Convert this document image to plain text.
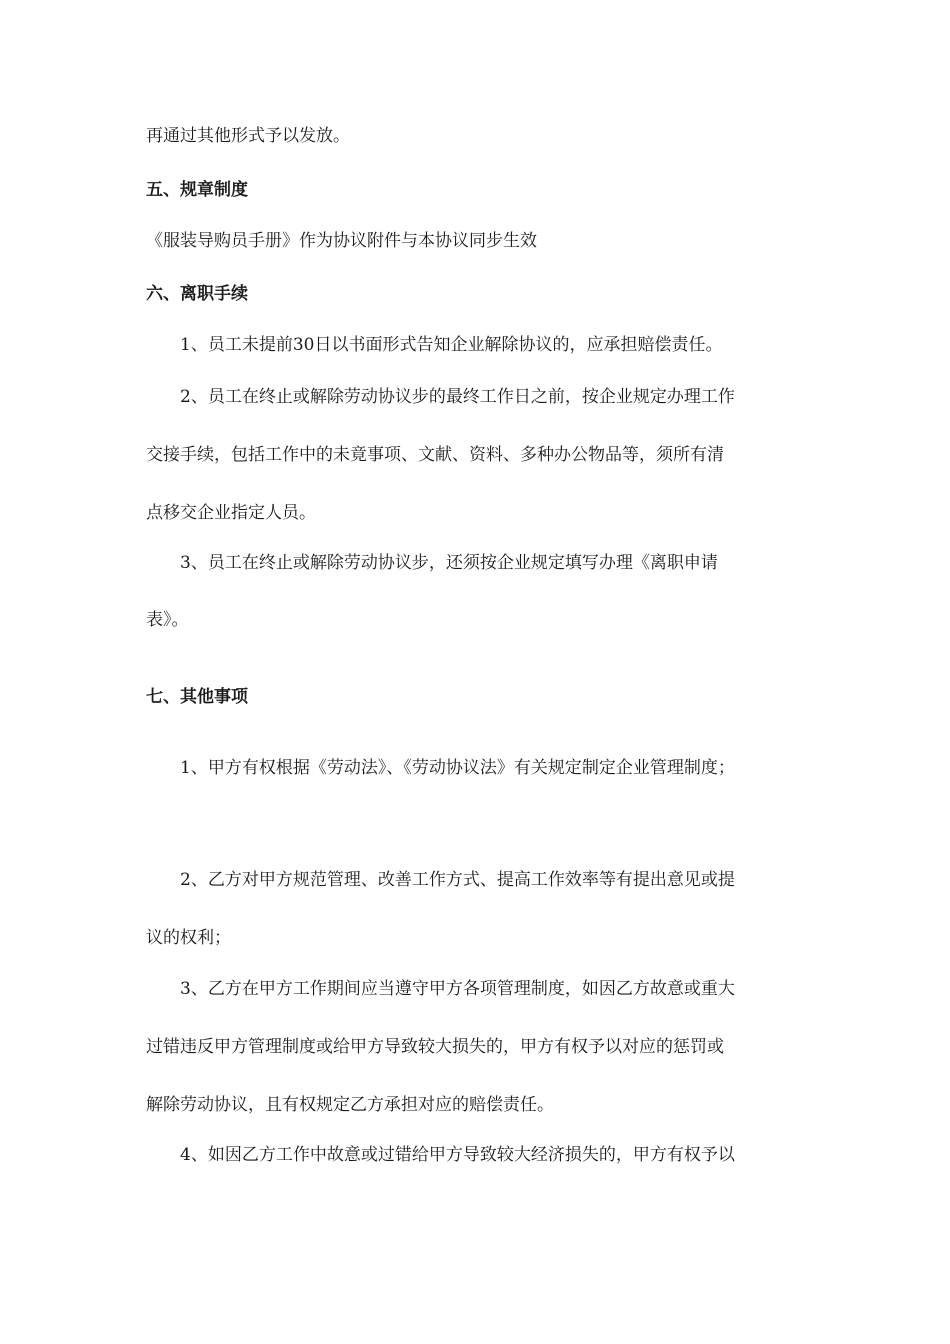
再通过其他形式予以发放。
五、规章制度
《服装导购员手册》作为协议附件与本协议同步生效
六、离职手续
1、员工未提前30日以书面形式告知企业解除协议的，应承担赔偿责任。
2、员工在终止或解除劳动协议步的最终工作日之前，按企业规定办理工作
交接手续，包括工作中的未竟事项、文献、资料、多种办公物品等，须所有清
点移交企业指定人员。
3、员工在终止或解除劳动协议步，还须按企业规定填写办理《离职申请
表》。
七、其他事项
1、甲方有权根据《劳动法》、《劳动协议法》有关规定制定企业管理制度；
2、乙方对甲方规范管理、改善工作方式、提高工作效率等有提出意见或提
议的权利；
3、乙方在甲方工作期间应当遵守甲方各项管理制度，如因乙方故意或重大
过错违反甲方管理制度或给甲方导致较大损失的，甲方有权予以对应的惩罚或
解除劳动协议，且有权规定乙方承担对应的赔偿责任。
4、如因乙方工作中故意或过错给甲方导致较大经济损失的，甲方有权予以
